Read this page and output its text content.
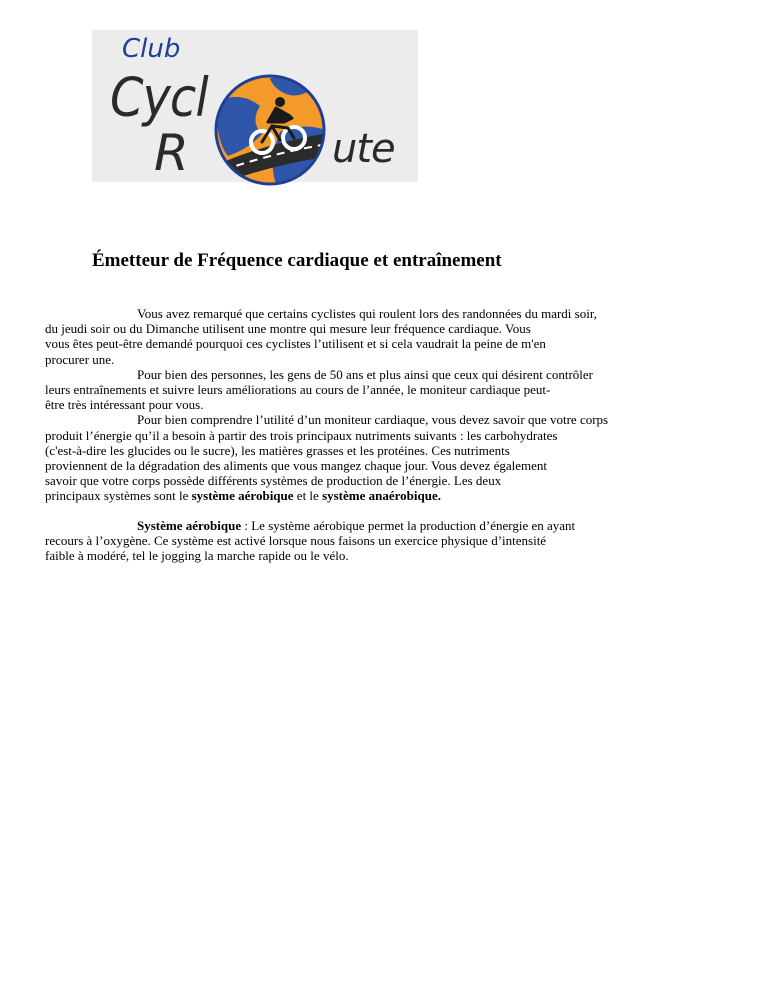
Club
Cycl
R	ute
Émetteur de Fréquence cardiaque et entraînement

Vous avez remarqué que certains cyclistes qui roulent lors des randonnées du mardi soir,
du jeudi soir ou du Dimanche utilisent une montre qui mesure leur fréquence cardiaque. Vous
vous êtes peut-être demandé pourquoi ces cyclistes l’utilisent et si cela vaudrait la peine de m'en
procurer une.

Pour bien des personnes, les gens de 50 ans et plus ainsi que ceux qui désirent contrôler
leurs entraînements et suivre leurs améliorations au cours de l’année, le moniteur cardiaque peut-
être très intéressant pour vous.

Pour bien comprendre l’utilité d’un moniteur cardiaque, vous devez savoir que votre corps
produit l’énergie qu’il a besoin à partir des trois principaux nutriments suivants : les carbohydrates
(c'est-à-dire les glucides ou le sucre), les matières grasses et les protéines. Ces nutriments
proviennent de la dégradation des aliments que vous mangez chaque jour. Vous devez également
savoir que votre corps possède différents systèmes de production de l’énergie. Les deux
principaux systèmes sont le système aérobique et le système anaérobique.

Système aérobique : Le système aérobique permet la production d’énergie en ayant
recours à l’oxygène. Ce système est activé lorsque nous faisons un exercice physique d’intensité
faible à modéré, tel le jogging la marche rapide ou le vélo.
